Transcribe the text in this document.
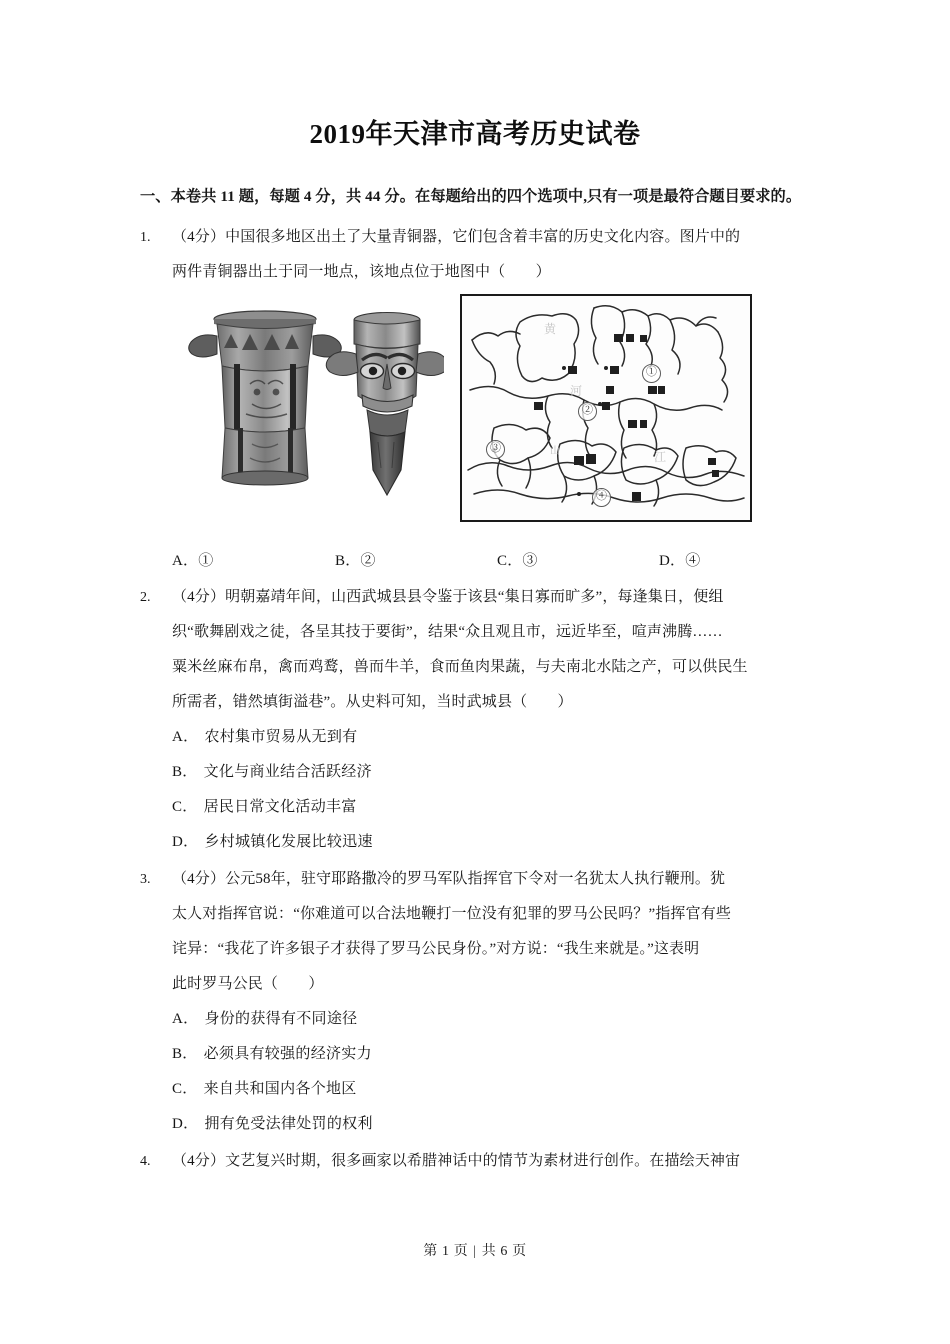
2019年天津市高考历史试卷

一、本卷共 11 题，每题 4 分，共 44 分。在每题给出的四个选项中,只有一项是最符合题目要求的。

1.	（4分）中国很多地区出土了大量青铜器，它们包含着丰富的历史文化内容。图片中的
两件青铜器出土于同一地点，该地点位于地图中（　　）
黄
河
江
山
①
②
③
④
A．①	B．②	C．③	D．④
2.	（4分）明朝嘉靖年间，山西武城县县令鉴于该县“集日寡而旷多”，每逢集日，便组
织“歌舞剧戏之徒，各呈其技于要街”，结果“众且观且市，远近毕至，喧声沸腾……
粟米丝麻布帛，禽而鸡鹜，兽而牛羊，食而鱼肉果蔬，与夫南北水陆之产，可以供民生
所需者，错然填街溢巷”。从史料可知，当时武城县（　　）
A． 农村集市贸易从无到有
B． 文化与商业结合活跃经济
C． 居民日常文化活动丰富
D． 乡村城镇化发展比较迅速
3.	（4分）公元58年，驻守耶路撒冷的罗马军队指挥官下令对一名犹太人执行鞭刑。犹
太人对指挥官说：“你难道可以合法地鞭打一位没有犯罪的罗马公民吗？”指挥官有些
诧异：“我花了许多银子才获得了罗马公民身份。”对方说：“我生来就是。”这表明
此时罗马公民（　　）
A． 身份的获得有不同途径
B． 必须具有较强的经济实力
C． 来自共和国内各个地区
D． 拥有免受法律处罚的权利
4.	（4分）文艺复兴时期，很多画家以希腊神话中的情节为素材进行创作。在描绘天神宙
第 1 页 | 共 6 页
